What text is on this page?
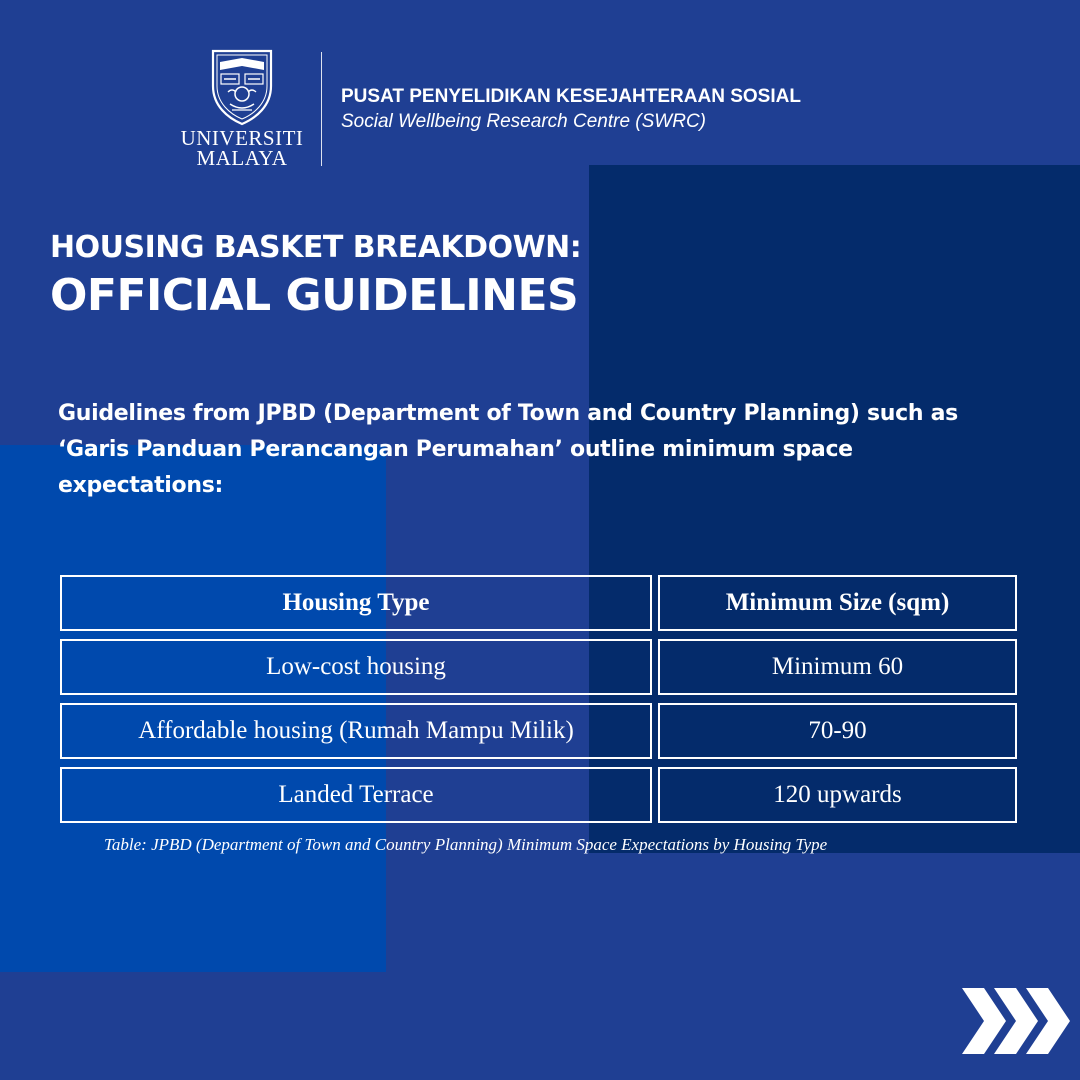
UNIVERSITI
MALAYA
PUSAT PENYELIDIKAN KESEJAHTERAAN SOSIAL
Social Wellbeing Research Centre (SWRC)
HOUSING BASKET BREAKDOWN:
OFFICIAL GUIDELINES
Guidelines from JPBD (Department of Town and Country Planning) such as ‘Garis Panduan Perancangan Perumahan’ outline minimum space expectations:
Housing Type	Minimum Size (sqm)
Low-cost housing	Minimum 60
Affordable housing (Rumah Mampu Milik)	70-90
Landed Terrace	120 upwards
Table: JPBD (Department of Town and Country Planning) Minimum Space Expectations by Housing Type
